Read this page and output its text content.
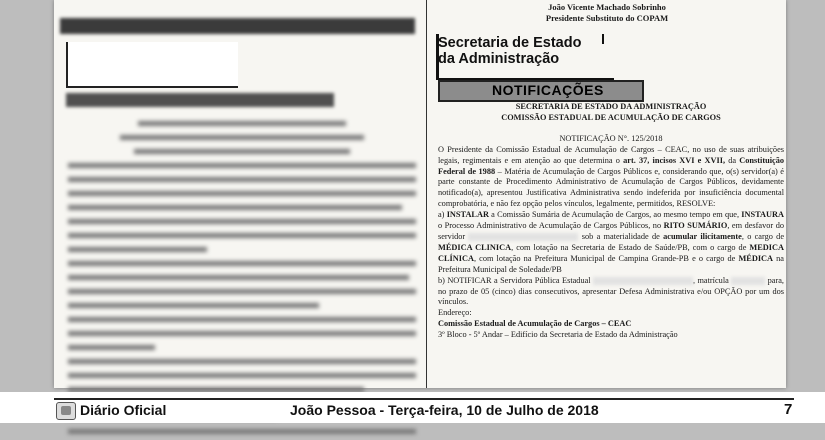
João Vicente Machado Sobrinho
Presidente Substituto do COPAM
Secretaria de Estado
da Administração
NOTIFICAÇÕES

SECRETARIA DE ESTADO DA ADMINISTRAÇÃO

COMISSÃO ESTADUAL DE ACUMULAÇÃO DE CARGOS

NOTIFICAÇÃO N°. 125/2018

O Presidente da Comissão Estadual de Acumulação de Cargos – CEAC, no uso de suas atribuições legais, regimentais e em atenção ao que determina o art. 37, incisos XVI e XVII, da Constituição Federal de 1988 – Matéria de Acumulação de Cargos Públicos e, considerando que, o(s) servidor(a) é parte constante de Procedimento Administrativo de Acumulação de Cargos Públicos, devidamente notificado(a), apresentou Justificativa Administrativa sendo indeferida por insuficiência documental comprobatória, e não fez opção pelos vínculos, legalmente, permitidos, RESOLVE:

a) INSTALAR a Comissão Sumária de Acumulação de Cargos, ao mesmo tempo em que, INSTAURA o Processo Administrativo de Acumulação de Cargos Públicos, no RITO SUMÁRIO, em desfavor do servidor	sob a materialidade de acumular ilicitamente, o cargo de MÉDICA CLINICA, com lotação na Secretaria de Estado de Saúde/PB, com o cargo de MEDICA CLÍNICA, com lotação na Prefeitura Municipal de Campina Grande-PB e o cargo de MÉDICA na Prefeitura Municipal de Soledade/PB

b) NOTIFICAR a Servidora Pública Estadual	, matrícula	para, no prazo de 05 (cinco) dias consecutivos, apresentar Defesa Administrativa e/ou OPÇÃO por um dos vínculos.

Endereço:

Comissão Estadual de Acumulação de Cargos – CEAC

3º Bloco - 5º Andar – Edifício da Secretaria de Estado da Administração

Diário Oficial	João Pessoa - Terça-feira, 10 de Julho de 2018	7
